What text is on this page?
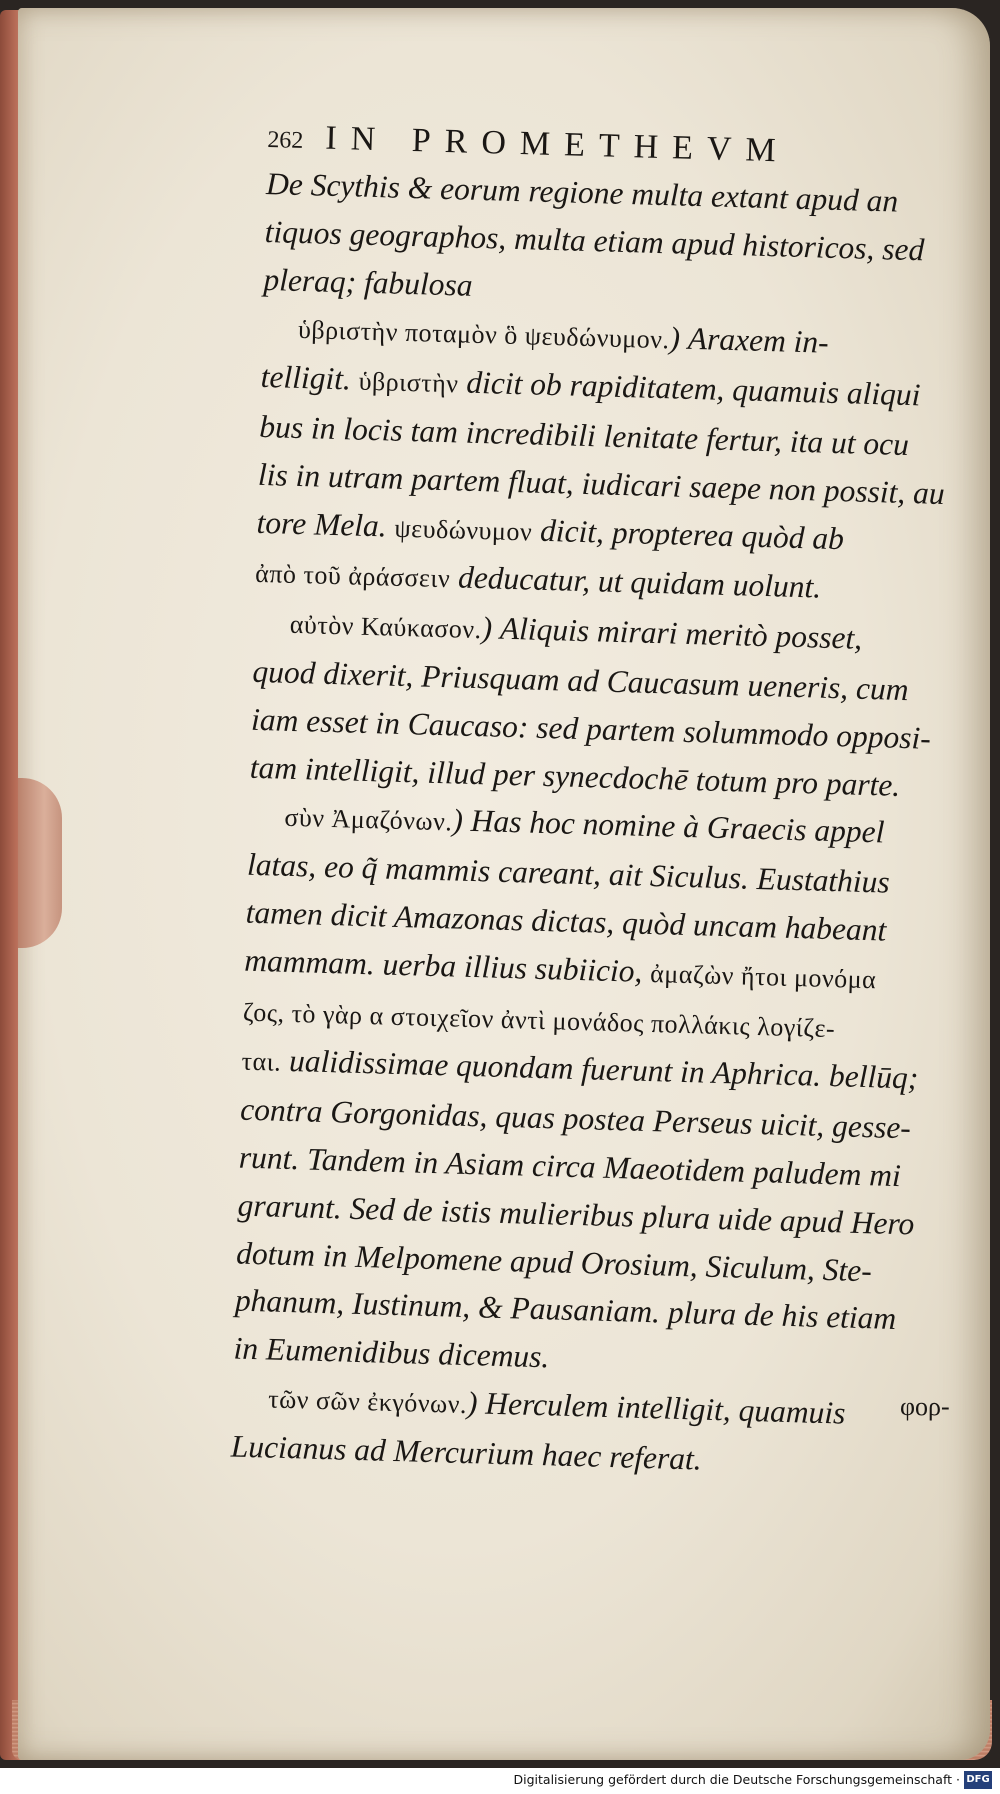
262 IN PROMETHEVM
De Scythis & eorum regione multa extant apud an
tiquos geographos, multa etiam apud historicos, sed
pleraq; fabulosa
ὑβριστὴν ποταμὸν ὃ ψευδώνυμον.) Araxem in-
telligit. ὑβριστὴν dicit ob rapiditatem, quamuis aliqui
bus in locis tam incredibili lenitate fertur, ita ut ocu
lis in utram partem fluat, iudicari saepe non possit, au
tore Mela. ψευδώνυμον dicit, propterea quòd ab
ἀπὸ τοῦ ἀράσσειν deducatur, ut quidam uolunt.
αὐτὸν Καύκασον.) Aliquis mirari meritò posset,
quod dixerit, Priusquam ad Caucasum ueneris, cum
iam esset in Caucaso: sed partem solummodo opposi-
tam intelligit, illud per synecdochē totum pro parte.
σὺν Ἀμαζόνων.) Has hoc nomine à Graecis appel
latas, eo q̃ mammis careant, ait Siculus. Eustathius
tamen dicit Amazonas dictas, quòd uncam habeant
mammam. uerba illius subiicio, ἀμαζὼν ἤτοι μονόμα
ζος, τὸ γὰρ α στοιχεῖον ἀντὶ μονάδος πολλάκις λογίζε-
ται. ualidissimae quondam fuerunt in Aphrica. bellūq;
contra Gorgonidas, quas postea Perseus uicit, gesse-
runt. Tandem in Asiam circa Maeotidem paludem mi
grarunt. Sed de istis mulieribus plura uide apud Hero
dotum in Melpomene apud Orosium, Siculum, Ste-
phanum, Iustinum, & Pausaniam. plura de his etiam
in Eumenidibus dicemus.
τῶν σῶν ἐκγόνων.) Herculem intelligit, quamuis
Lucianus ad Mercurium haec referat.
φορ-
Digitalisierung gefördert durch die Deutsche Forschungsgemeinschaft · DFG
